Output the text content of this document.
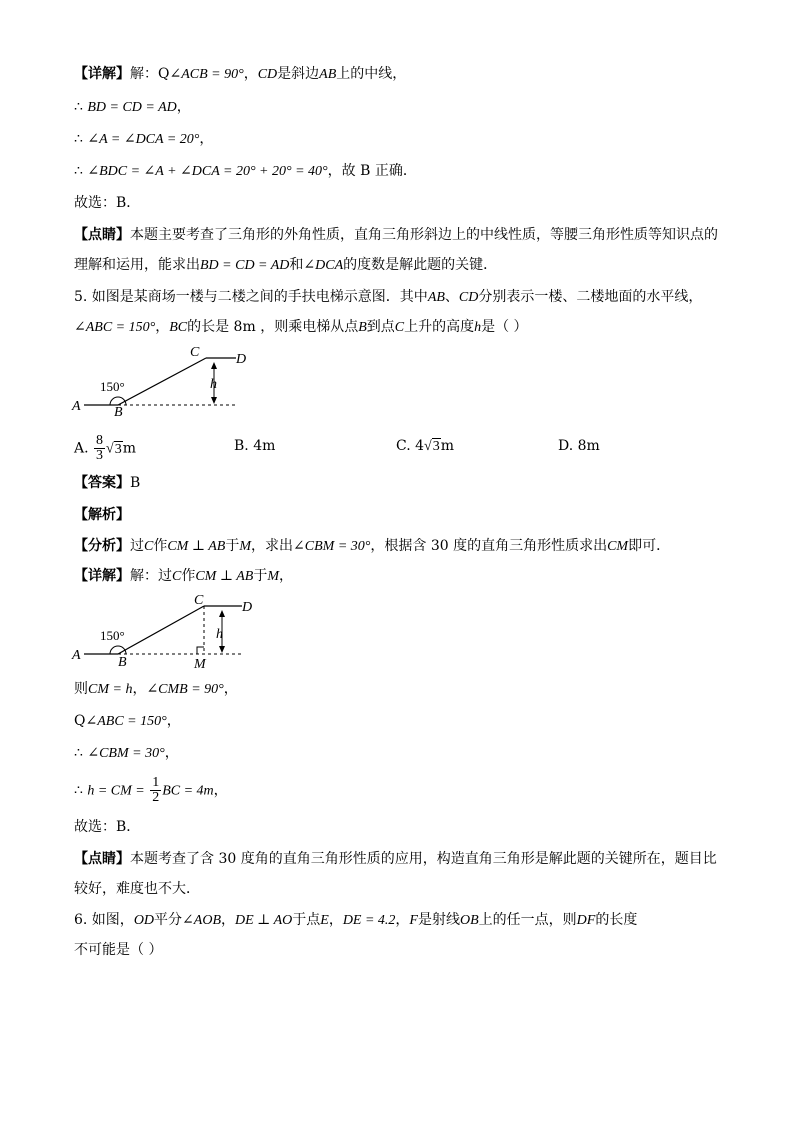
【详解】解：Q∠ACB = 90°，CD是斜边AB上的中线，
∴ BD = CD = AD，
∴ ∠A = ∠DCA = 20°，
∴ ∠BDC = ∠A + ∠DCA = 20° + 20° = 40°，故 B 正确．
故选：B．
【点睛】本题主要考查了三角形的外角性质，直角三角形斜边上的中线性质，等腰三角形性质等知识点的
理解和运用，能求出BD = CD = AD和∠DCA的度数是解此题的关键．
5. 如图是某商场一楼与二楼之间的手扶电梯示意图．其中AB、CD分别表示一楼、二楼地面的水平线，
∠ABC = 150°，BC的长是 8m ，则乘电梯从点B到点C上升的高度h是（ ）
A B
C	D
h
150°
A. $\frac{8}{3} √3m$	B. 4m	C. 4√3m	D. 8m
【答案】B
【解析】
【分析】过C作CM ⊥ AB于M，求出∠CBM = 30°，根据含 30 度的直角三角形性质求出CM即可．
【详解】解：过C作CM ⊥ AB于M，
A	B
C	D
h
M
150°
则CM = h，∠CMB = 90°，
Q∠ABC = 150°，
∴ ∠CBM = 30°，
∴ h = CM = $\frac{1}{2}$ BC = 4m，
故选：B．
【点睛】本题考查了含 30 度角的直角三角形性质的应用，构造直角三角形是解此题的关键所在，题目比
较好，难度也不大．
6. 如图，OD平分∠AOB，DE ⊥ AO于点E，DE = 4.2，F是射线OB上的任一点，则DF的长度
不可能是（ ）
